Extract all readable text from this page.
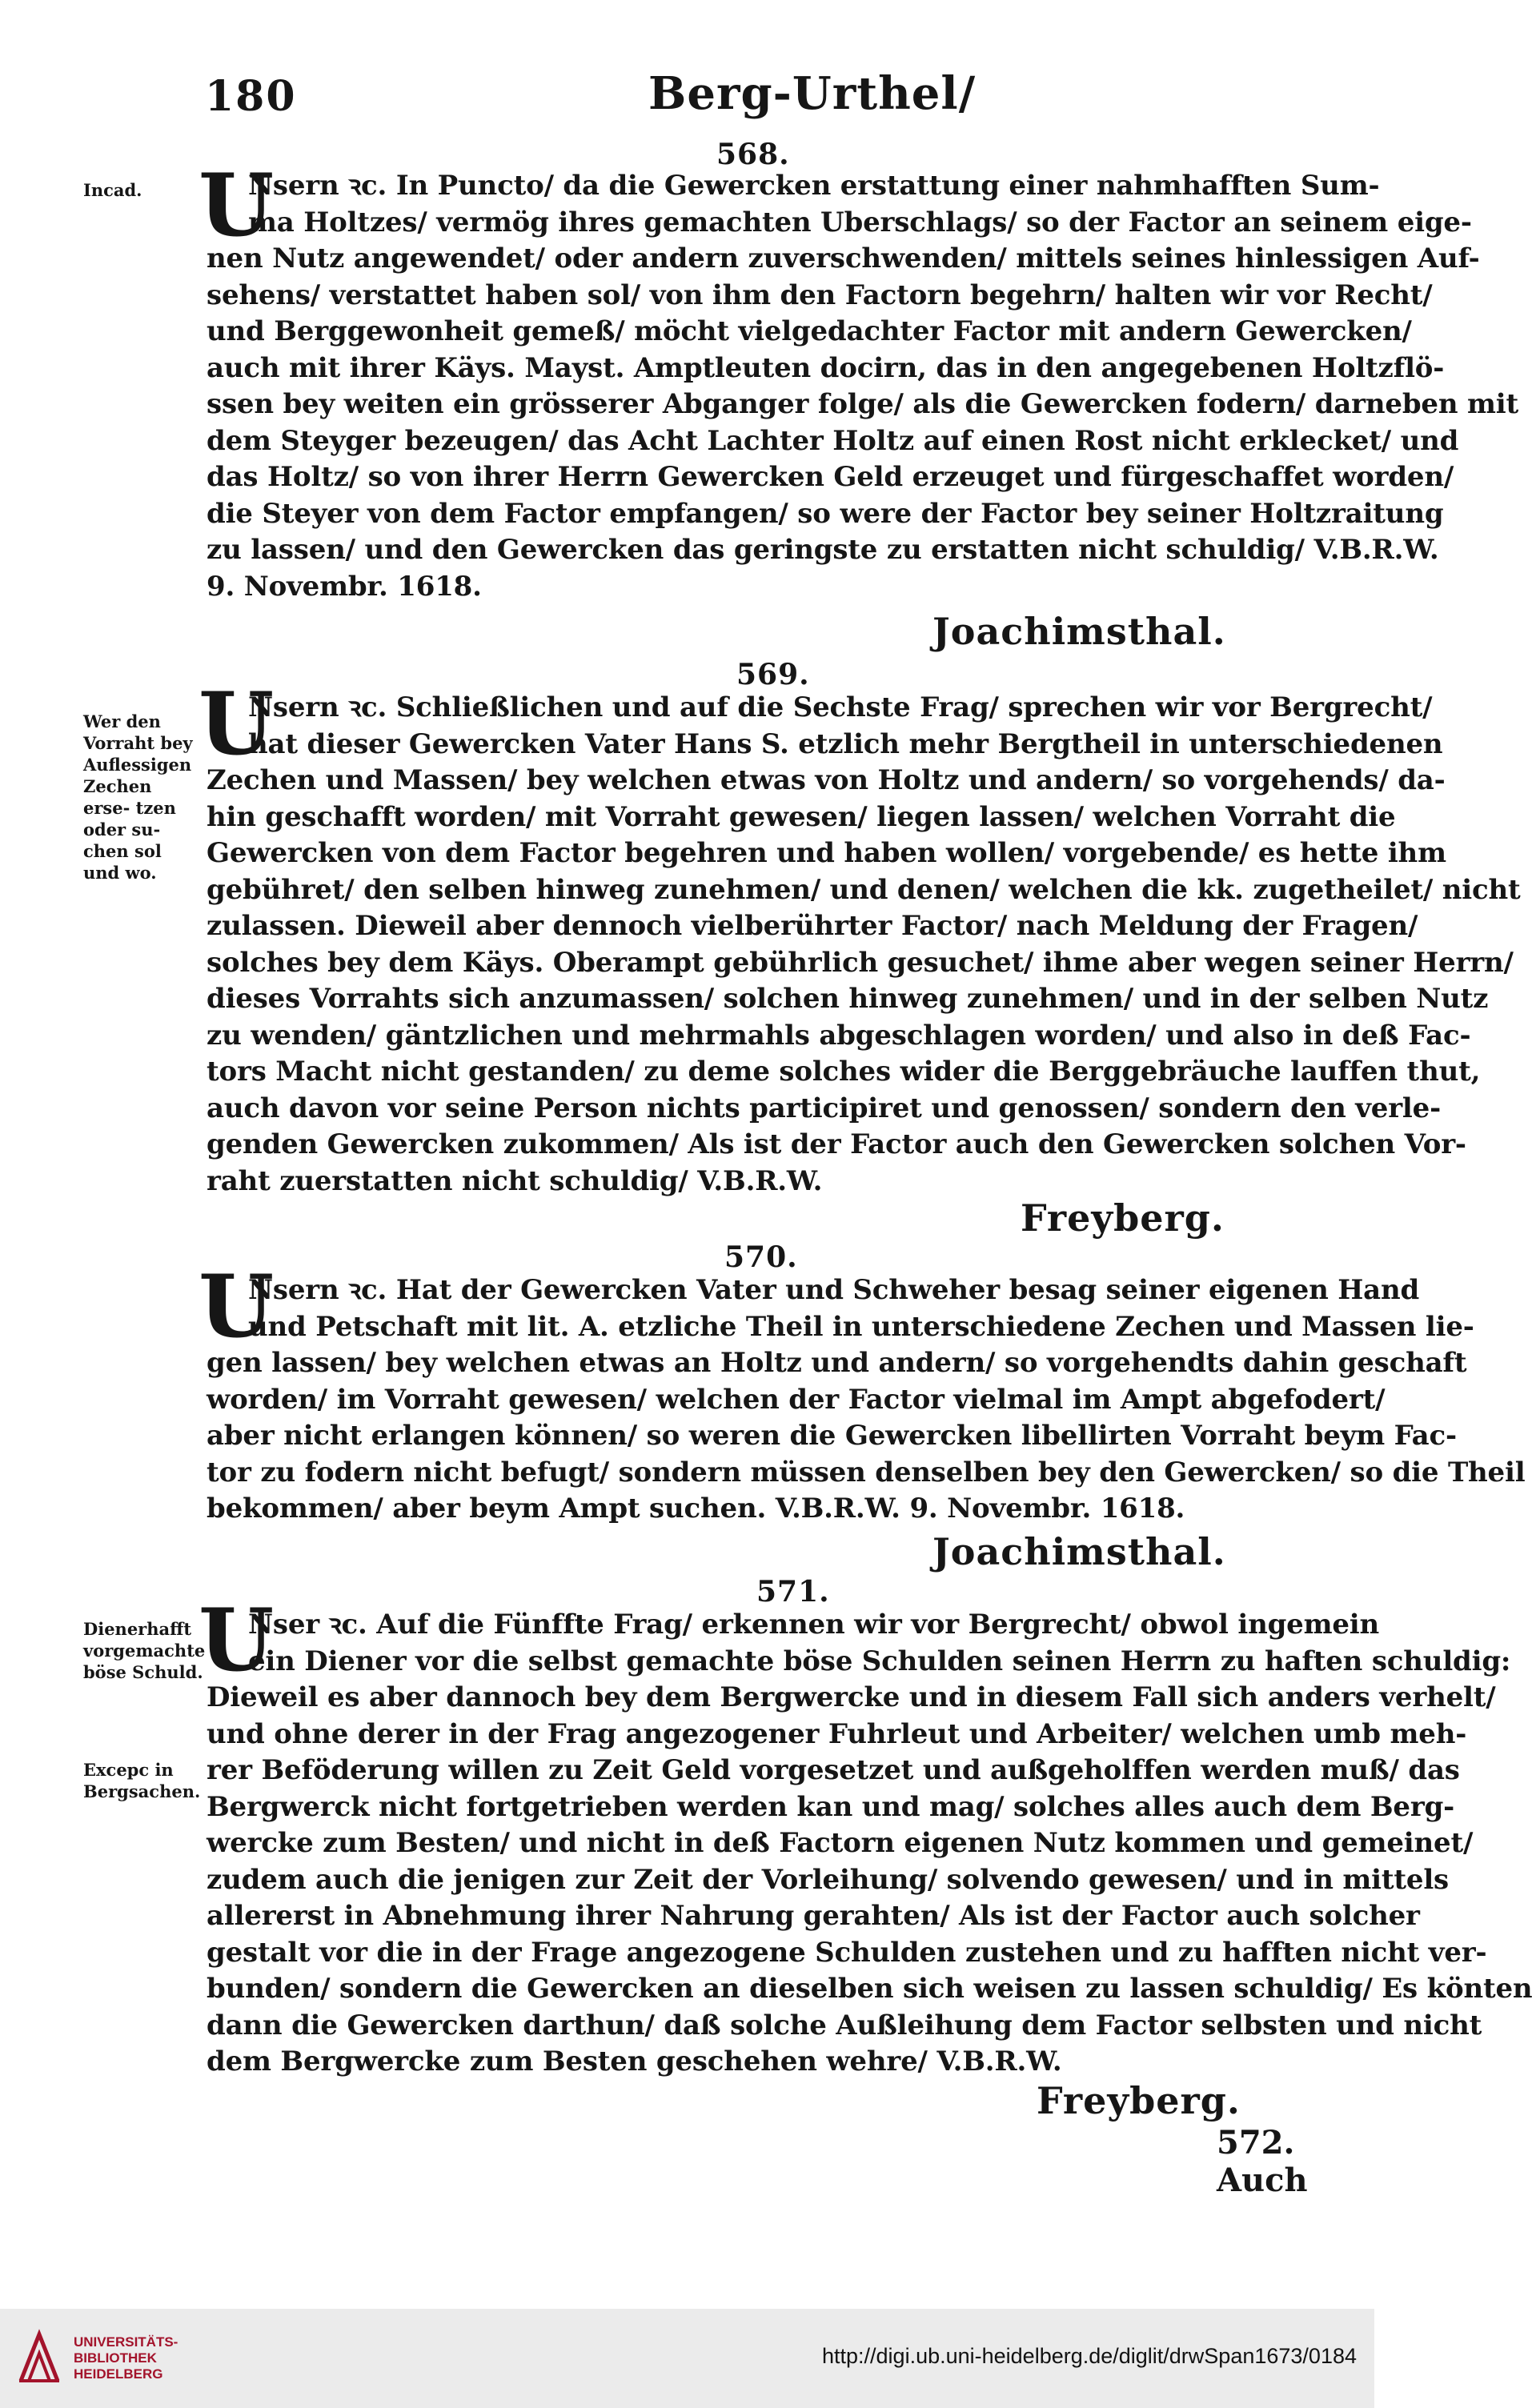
180	Berg-Urthel/
568.
Incad. U
Nsern ꝛc. In Puncto/ da die Gewercken erstattung einer nahmhafften Sum-
ma Holtzes/ vermög ihres gemachten Uberschlags/ so der Factor an seinem eige-
nen Nutz angewendet/ oder andern zuverschwenden/ mittels seines hinlessigen Auf-
sehens/ verstattet haben sol/ von ihm den Factorn begehrn/ halten wir vor Recht/
und Berggewonheit gemeß/ möcht vielgedachter Factor mit andern Gewercken/
auch mit ihrer Käys. Mayst. Amptleuten docirn, das in den angegebenen Holtzflö-
ssen bey weiten ein grösserer Abganger folge/ als die Gewercken fodern/ darneben mit
dem Steyger bezeugen/ das Acht Lachter Holtz auf einen Rost nicht erklecket/ und
das Holtz/ so von ihrer Herrn Gewercken Geld erzeuget und fürgeschaffet worden/
die Steyer von dem Factor empfangen/ so were der Factor bey seiner Holtzraitung
zu lassen/ und den Gewercken das geringste zu erstatten nicht schuldig/ V.B.R.W.
9. Novembr. 1618.
Joachimsthal.
569.
Wer den Vorraht bey Auflessigen Zechen erse- tzen oder su- chen sol und wo.
U
Nsern ꝛc. Schließlichen und auf die Sechste Frag/ sprechen wir vor Bergrecht/
hat dieser Gewercken Vater Hans S. etzlich mehr Bergtheil in unterschiedenen
Zechen und Massen/ bey welchen etwas von Holtz und andern/ so vorgehends/ da-
hin geschafft worden/ mit Vorraht gewesen/ liegen lassen/ welchen Vorraht die
Gewercken von dem Factor begehren und haben wollen/ vorgebende/ es hette ihm
gebühret/ den selben hinweg zunehmen/ und denen/ welchen die kk. zugetheilet/ nicht
zulassen. Dieweil aber dennoch vielberührter Factor/ nach Meldung der Fragen/
solches bey dem Käys. Oberampt gebührlich gesuchet/ ihme aber wegen seiner Herrn/
dieses Vorrahts sich anzumassen/ solchen hinweg zunehmen/ und in der selben Nutz
zu wenden/ gäntzlichen und mehrmahls abgeschlagen worden/ und also in deß Fac-
tors Macht nicht gestanden/ zu deme solches wider die Berggebräuche lauffen thut,
auch davon vor seine Person nichts participiret und genossen/ sondern den verle-
genden Gewercken zukommen/ Als ist der Factor auch den Gewercken solchen Vor-
raht zuerstatten nicht schuldig/ V.B.R.W.
Freyberg.
570.
U
Nsern ꝛc. Hat der Gewercken Vater und Schweher besag seiner eigenen Hand
und Petschaft mit lit. A. etzliche Theil in unterschiedene Zechen und Massen lie-
gen lassen/ bey welchen etwas an Holtz und andern/ so vorgehendts dahin geschaft
worden/ im Vorraht gewesen/ welchen der Factor vielmal im Ampt abgefodert/
aber nicht erlangen können/ so weren die Gewercken libellirten Vorraht beym Fac-
tor zu fodern nicht befugt/ sondern müssen denselben bey den Gewercken/ so die Theil
bekommen/ aber beym Ampt suchen. V.B.R.W. 9. Novembr. 1618.
Joachimsthal.
571.
Dienerhafft vorgemachte böse Schuld.
Excepc in Bergsachen.
U
Nser ꝛc. Auf die Fünffte Frag/ erkennen wir vor Bergrecht/ obwol ingemein
ein Diener vor die selbst gemachte böse Schulden seinen Herrn zu haften schuldig:
Dieweil es aber dannoch bey dem Bergwercke und in diesem Fall sich anders verhelt/
und ohne derer in der Frag angezogener Fuhrleut und Arbeiter/ welchen umb meh-
rer Beföderung willen zu Zeit Geld vorgesetzet und außgeholffen werden muß/ das
Bergwerck nicht fortgetrieben werden kan und mag/ solches alles auch dem Berg-
wercke zum Besten/ und nicht in deß Factorn eigenen Nutz kommen und gemeinet/
zudem auch die jenigen zur Zeit der Vorleihung/ solvendo gewesen/ und in mittels
allererst in Abnehmung ihrer Nahrung gerahten/ Als ist der Factor auch solcher
gestalt vor die in der Frage angezogene Schulden zustehen und zu hafften nicht ver-
bunden/ sondern die Gewercken an dieselben sich weisen zu lassen schuldig/ Es könten
dann die Gewercken darthun/ daß solche Außleihung dem Factor selbsten und nicht
dem Bergwercke zum Besten geschehen wehre/ V.B.R.W.
Freyberg.
572. Auch
UNIVERSITÄTS-
BIBLIOTHEK
HEIDELBERG
http://digi.ub.uni-heidelberg.de/diglit/drwSpan1673/0184
